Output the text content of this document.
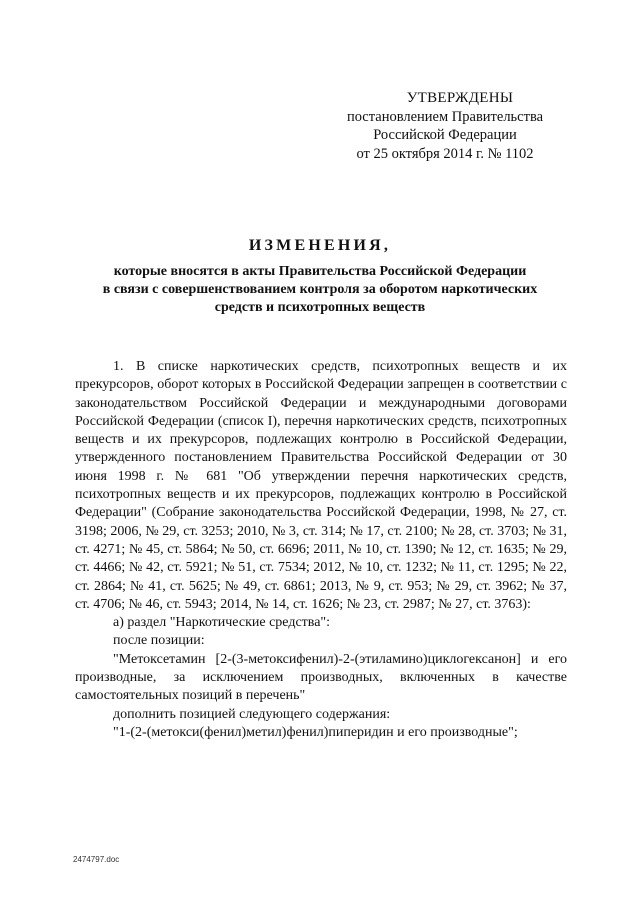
УТВЕРЖДЕНЫ
постановлением Правительства
Российской Федерации
от 25 октября 2014 г. № 1102
ИЗМЕНЕНИЯ,
которые вносятся в акты Правительства Российской Федерации
в связи с совершенствованием контроля за оборотом наркотических
средств и психотропных веществ

1. В списке наркотических средств, психотропных веществ и их прекурсоров, оборот которых в Российской Федерации запрещен в соответствии с законодательством Российской Федерации и международными договорами Российской Федерации (список I), перечня наркотических средств, психотропных веществ и их прекурсоров, подлежащих контролю в Российской Федерации, утвержденного постановлением Правительства Российской Федерации от 30 июня 1998 г. № 681 "Об утверждении перечня наркотических средств, психотропных веществ и их прекурсоров, подлежащих контролю в Российской Федерации" (Собрание законодательства Российской Федерации, 1998, № 27, ст. 3198; 2006, № 29, ст. 3253; 2010, № 3, ст. 314; № 17, ст. 2100; № 28, ст. 3703; № 31, ст. 4271; № 45, ст. 5864; № 50, ст. 6696; 2011, № 10, ст. 1390; № 12, ст. 1635; № 29, ст. 4466; № 42, ст. 5921; № 51, ст. 7534; 2012, № 10, ст. 1232; № 11, ст. 1295; № 22, ст. 2864; № 41, ст. 5625; № 49, ст. 6861; 2013, № 9, ст. 953; № 29, ст. 3962; № 37, ст. 4706; № 46, ст. 5943; 2014, № 14, ст. 1626; № 23, ст. 2987; № 27, ст. 3763):

а) раздел "Наркотические средства":

после позиции:

"Метоксетамин [2-(3-метоксифенил)-2-(этиламино)циклогексанон] и его производные, за исключением производных, включенных в качестве самостоятельных позиций в перечень"

дополнить позицией следующего содержания:

"1-(2-(метокси(фенил)метил)фенил)пиперидин и его производные";

2474797.doc
